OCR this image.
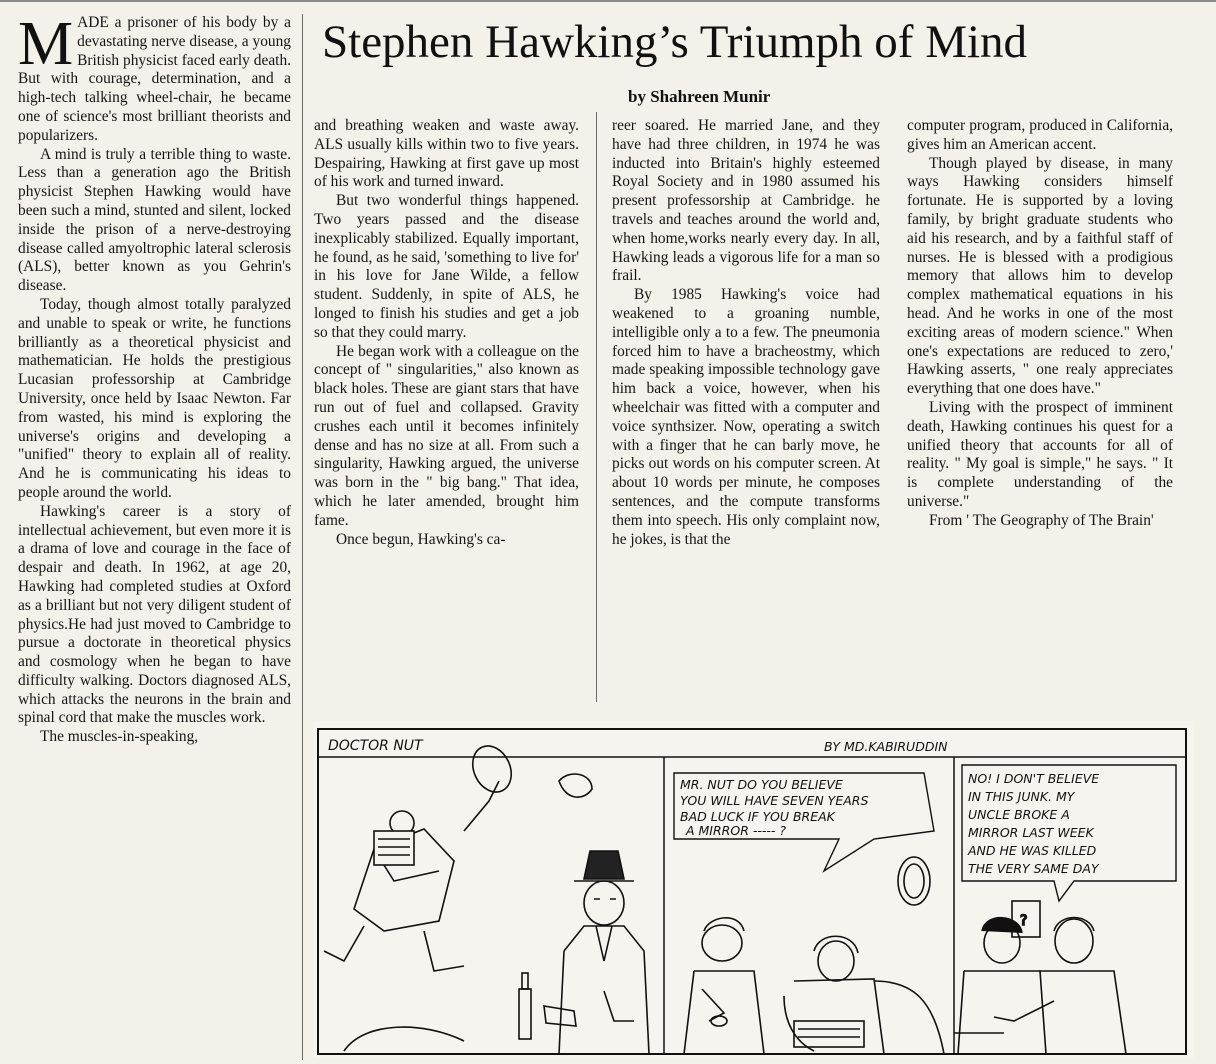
MADE a prisoner of his body by a devastating nerve disease, a young British physicist faced early death. But with courage, determination, and a high-tech talking wheel-chair, he became one of science's most brilliant theorists and popularizers.

A mind is truly a terrible thing to waste. Less than a generation ago the British physicist Stephen Hawking would have been such a mind, stunted and silent, locked inside the prison of a nerve-destroying disease called amyoltrophic lateral sclerosis (ALS), better known as you Gehrin's disease.

Today, though almost totally paralyzed and unable to speak or write, he functions brilliantly as a theoretical physicist and mathematician. He holds the prestigious Lucasian professorship at Cambridge University, once held by Isaac Newton. Far from wasted, his mind is exploring the universe's origins and developing a "unified" theory to explain all of reality. And he is communicating his ideas to people around the world.

Hawking's career is a story of intellectual achievement, but even more it is a drama of love and courage in the face of despair and death. In 1962, at age 20, Hawking had completed studies at Oxford as a brilliant but not very diligent student of physics.He had just moved to Cambridge to pursue a doctorate in theoretical physics and cosmology when he began to have difficulty walking. Doctors diagnosed ALS, which attacks the neurons in the brain and spinal cord that make the muscles work.

The muscles-in-speaking,

Stephen Hawking’s Triumph of Mind
by Shahreen Munir

and breathing weaken and waste away. ALS usually kills within two to five years. Despairing, Hawking at first gave up most of his work and turned inward.

But two wonderful things happened. Two years passed and the disease inexplicably stabilized. Equally important, he found, as he said, 'something to live for' in his love for Jane Wilde, a fellow student. Suddenly, in spite of ALS, he longed to finish his studies and get a job so that they could marry.

He began work with a colleague on the concept of " singularities," also known as black holes. These are giant stars that have run out of fuel and collapsed. Gravity crushes each until it becomes infinitely dense and has no size at all. From such a singularity, Hawking argued, the universe was born in the " big bang." That idea, which he later amended, brought him fame.

Once begun, Hawking's ca-

reer soared. He married Jane, and they have had three children, in 1974 he was inducted into Britain's highly esteemed Royal Society and in 1980 assumed his present professorship at Cambridge. he travels and teaches around the world and, when home,works nearly every day. In all, Hawking leads a vigorous life for a man so frail.

By 1985 Hawking's voice had weakened to a groaning numble, intelligible only a to a few. The pneumonia forced him to have a bracheostmy, which made speaking impossible technology gave him back a voice, however, when his wheelchair was fitted with a computer and voice synthsizer. Now, operating a switch with a finger that he can barly move, he picks out words on his computer screen. At about 10 words per minute, he composes sentences, and the compute transforms them into speech. His only complaint now, he jokes, is that the

computer program, produced in California, gives him an American accent.

Though played by disease, in many ways Hawking considers himself fortunate. He is supported by a loving family, by bright graduate students who aid his research, and by a faithful staff of nurses. He is blessed with a prodigious memory that allows him to develop complex mathematical equations in his head. And he works in one of the most exciting areas of modern science." When one's expectations are reduced to zero,' Hawking asserts, " one realy appreciates everything that one does have."

Living with the prospect of imminent death, Hawking continues his quest for a unified theory that accounts for all of reality. " My goal is simple," he says. " It is complete understanding of the universe."

From ' The Geography of The Brain'

DOCTOR NUT	BY MD.KABIRUDDIN
MR. NUT DO YOU BELIEVE
YOU WILL HAVE SEVEN YEARS
BAD LUCK IF YOU BREAK
A MIRROR ----- ?
NO! I DON'T BELIEVE
IN THIS JUNK. MY
UNCLE BROKE A
MIRROR LAST WEEK
AND HE WAS KILLED
THE VERY SAME DAY
?
